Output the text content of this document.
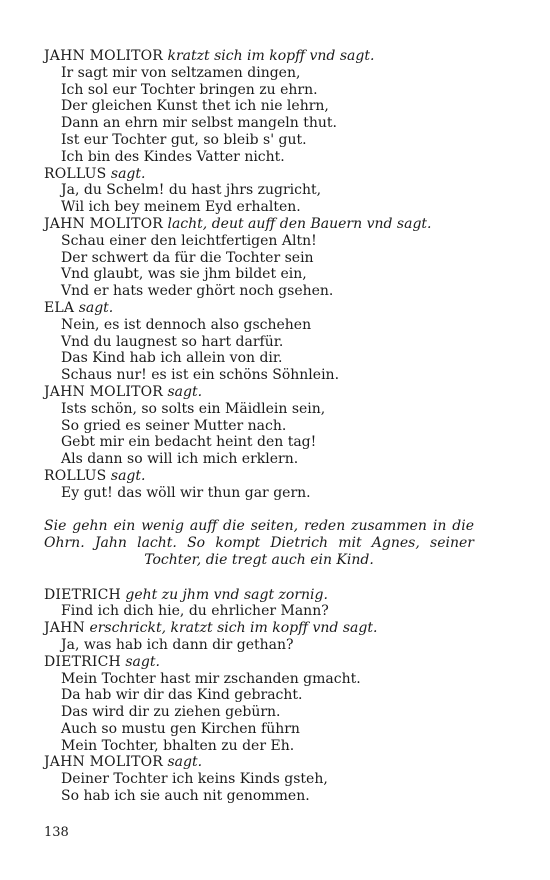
JAHN MOLITOR kratzt sich im kopff vnd sagt.
Ir sagt mir von seltzamen dingen,
Ich sol eur Tochter bringen zu ehrn.
Der gleichen Kunst thet ich nie lehrn,
Dann an ehrn mir selbst mangeln thut.
Ist eur Tochter gut, so bleib s' gut.
Ich bin des Kindes Vatter nicht.
ROLLUS sagt.
Ja, du Schelm! du hast jhrs zugricht,
Wil ich bey meinem Eyd erhalten.
JAHN MOLITOR lacht, deut auff den Bauern vnd sagt.
Schau einer den leichtfertigen Altn!
Der schwert da für die Tochter sein
Vnd glaubt, was sie jhm bildet ein,
Vnd er hats weder ghört noch gsehen.
ELA sagt.
Nein, es ist dennoch also gschehen
Vnd du laugnest so hart darfür.
Das Kind hab ich allein von dir.
Schaus nur! es ist ein schöns Söhnlein.
JAHN MOLITOR sagt.
Ists schön, so solts ein Mäidlein sein,
So gried es seiner Mutter nach.
Gebt mir ein bedacht heint den tag!
Als dann so will ich mich erklern.
ROLLUS sagt.
Ey gut! das wöll wir thun gar gern.
Sie gehn ein wenig auff die seiten, reden zusammen in die Ohrn. Jahn lacht. So kompt Dietrich mit Agnes, seiner Tochter, die tregt auch ein Kind.
DIETRICH geht zu jhm vnd sagt zornig.
Find ich dich hie, du ehrlicher Mann?
JAHN erschrickt, kratzt sich im kopff vnd sagt.
Ja, was hab ich dann dir gethan?
DIETRICH sagt.
Mein Tochter hast mir zschanden gmacht.
Da hab wir dir das Kind gebracht.
Das wird dir zu ziehen gebürn.
Auch so mustu gen Kirchen führn
Mein Tochter, bhalten zu der Eh.
JAHN MOLITOR sagt.
Deiner Tochter ich keins Kinds gsteh,
So hab ich sie auch nit genommen.
138
